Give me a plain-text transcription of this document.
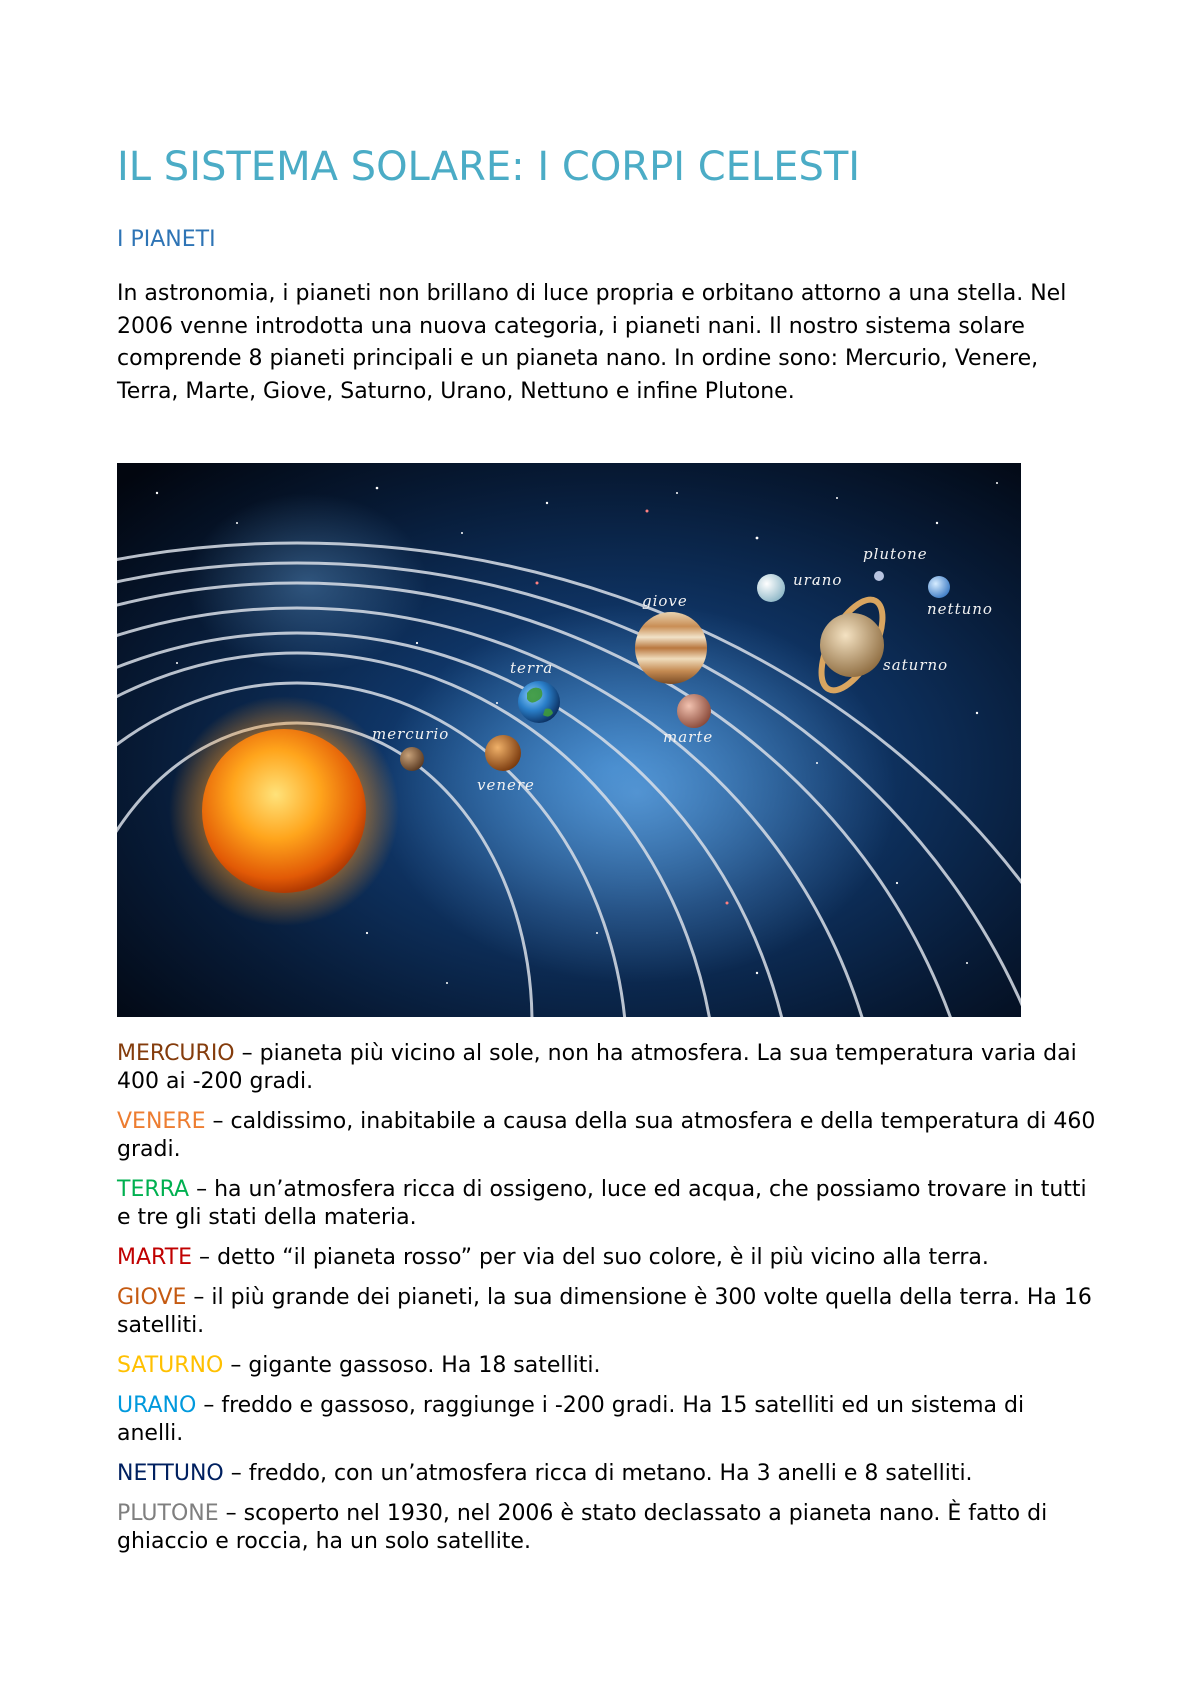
IL SISTEMA SOLARE: I CORPI CELESTI
I PIANETI

In astronomia, i pianeti non brillano di luce propria e orbitano attorno a una stella. Nel 2006 venne introdotta una nuova categoria, i pianeti nani. Il nostro sistema solare comprende 8 pianeti principali e un pianeta nano. In ordine sono: Mercurio, Venere, Terra, Marte, Giove, Saturno, Urano, Nettuno e infine Plutone.

mercurio
venere
terra
marte
giove
saturno
urano
nettuno
plutone

MERCURIO – pianeta più vicino al sole, non ha atmosfera. La sua temperatura varia dai 400 ai -200 gradi.

VENERE – caldissimo, inabitabile a causa della sua atmosfera e della temperatura di 460 gradi.

TERRA – ha un’atmosfera ricca di ossigeno, luce ed acqua, che possiamo trovare in tutti e tre gli stati della materia.

MARTE – detto “il pianeta rosso” per via del suo colore, è il più vicino alla terra.

GIOVE – il più grande dei pianeti, la sua dimensione è 300 volte quella della terra. Ha 16 satelliti.

SATURNO – gigante gassoso. Ha 18 satelliti.

URANO – freddo e gassoso, raggiunge i -200 gradi. Ha 15 satelliti ed un sistema di anelli.

NETTUNO – freddo, con un’atmosfera ricca di metano. Ha 3 anelli e 8 satelliti.

PLUTONE – scoperto nel 1930, nel 2006 è stato declassato a pianeta nano. È fatto di ghiaccio e roccia, ha un solo satellite.
